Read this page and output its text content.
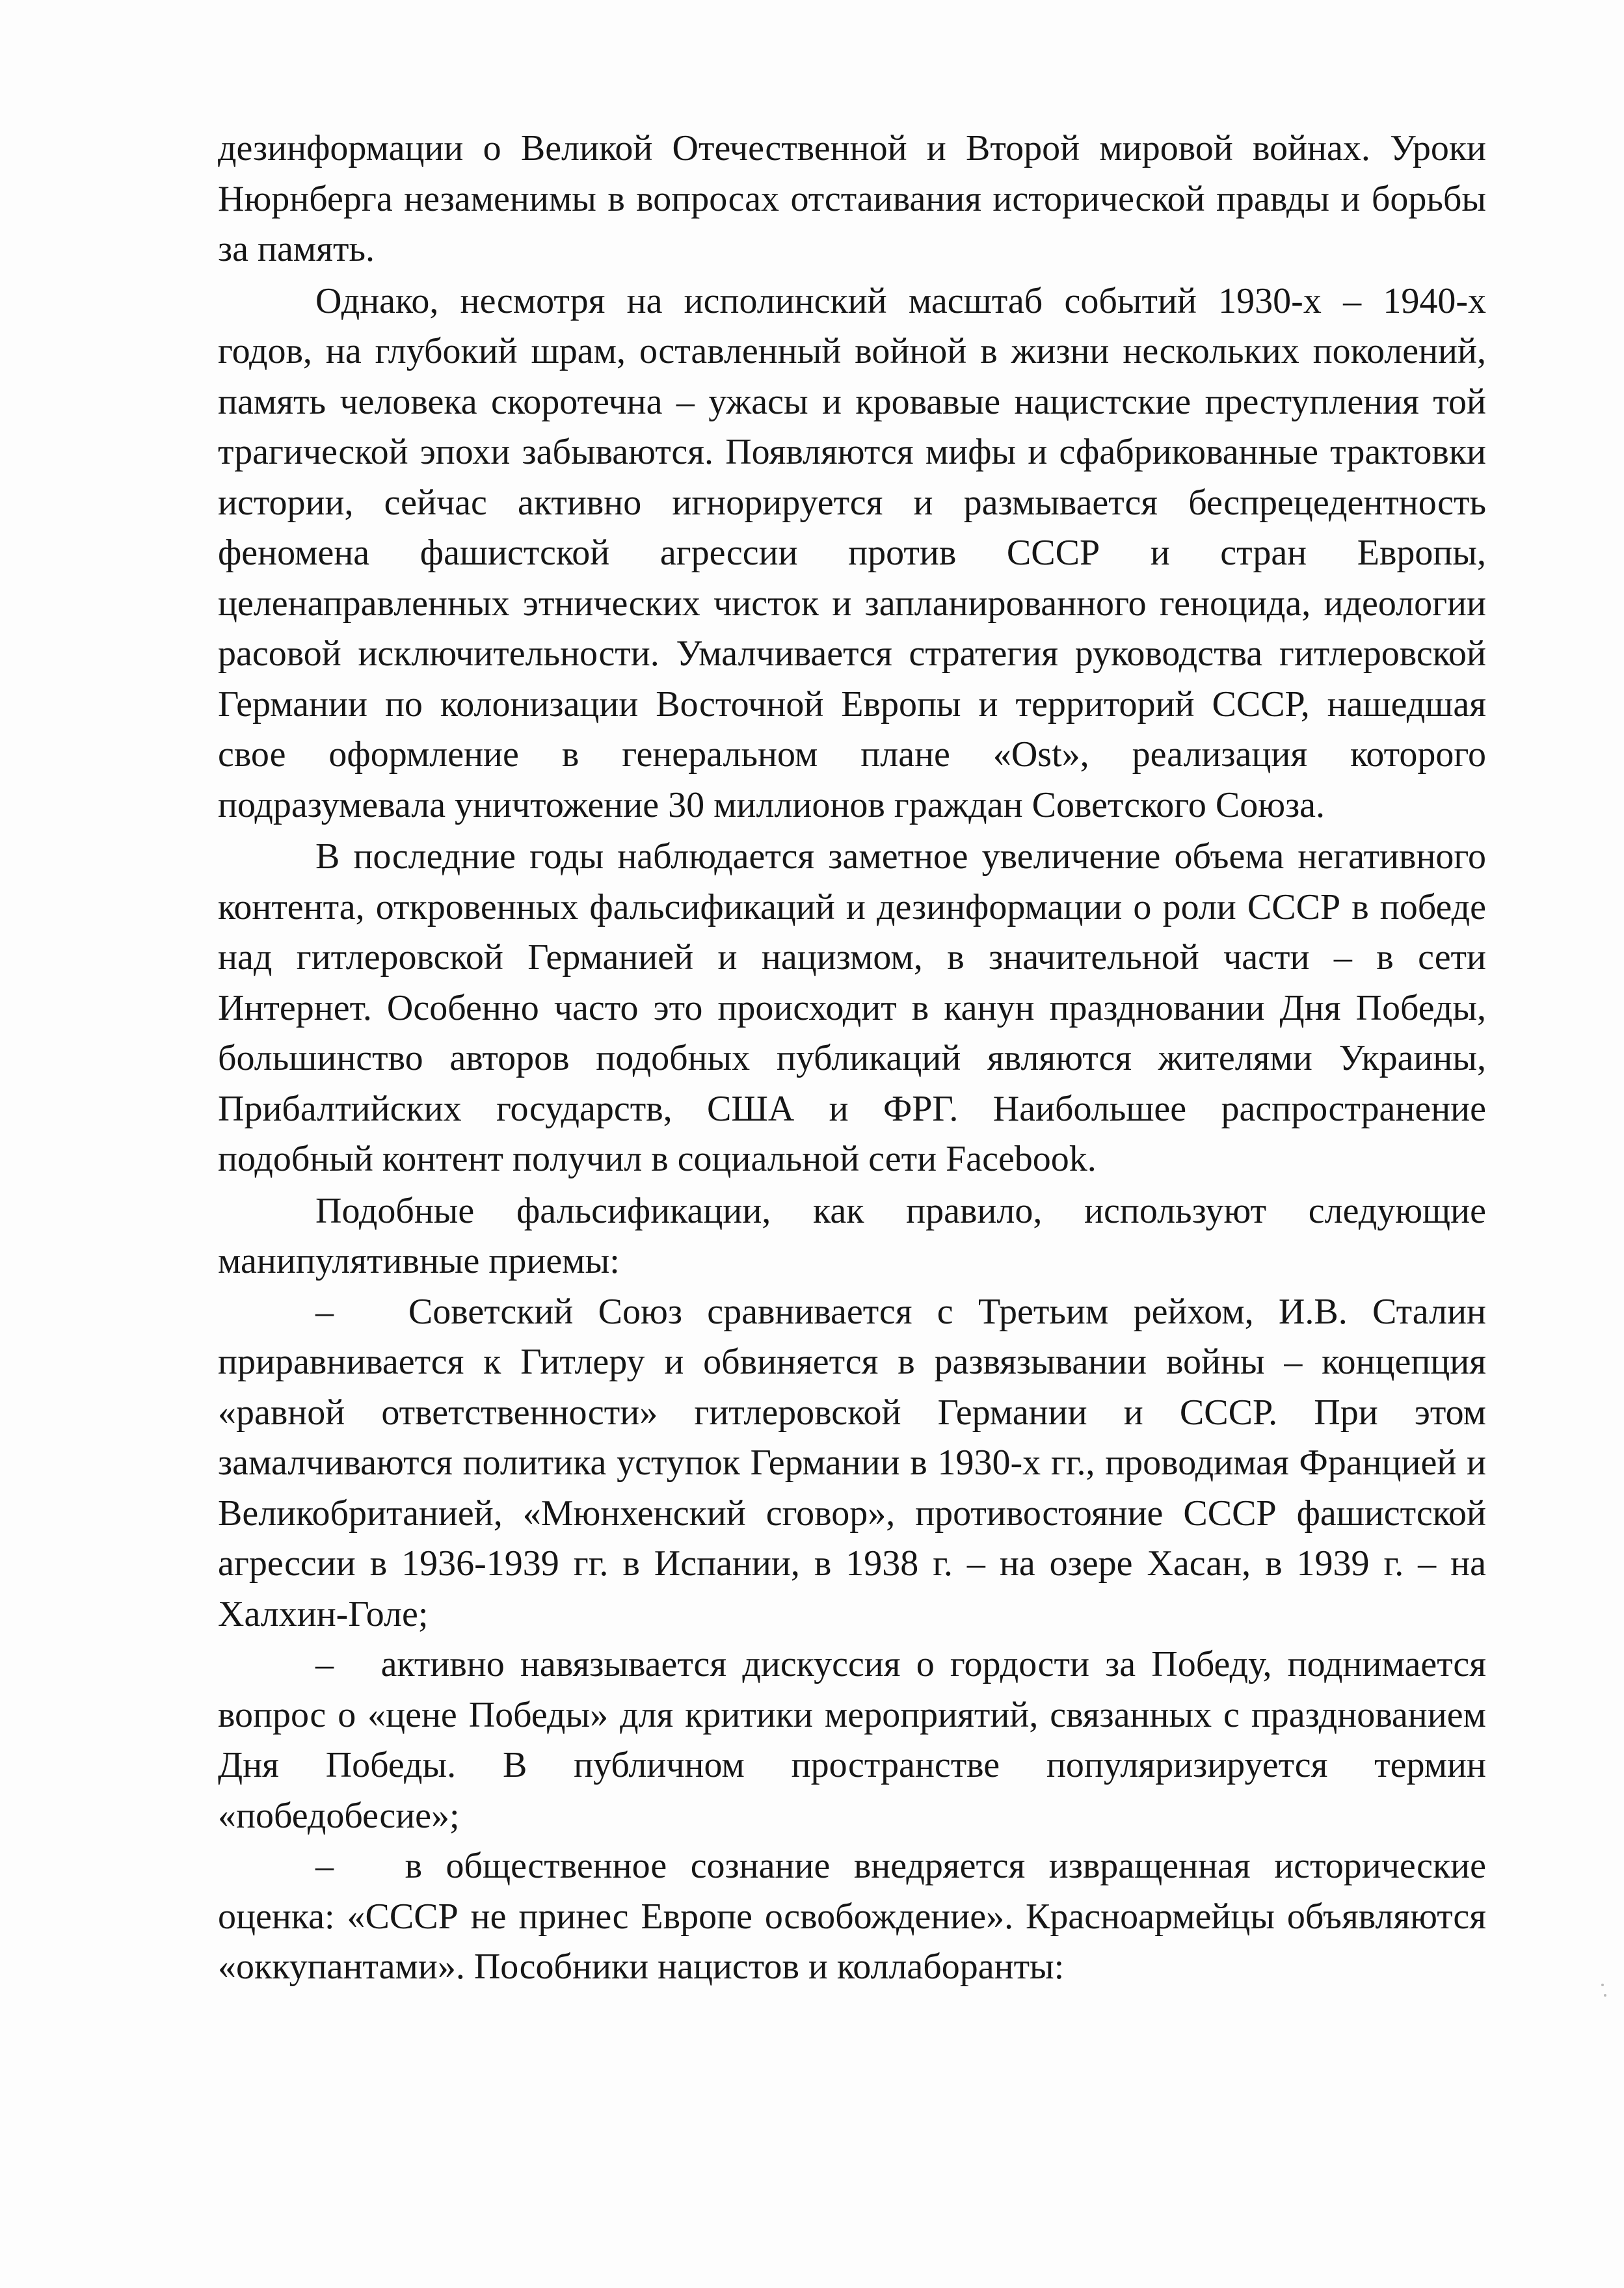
дезинформации о Великой Отечественной и Второй мировой войнах. Уроки Нюрнберга незаменимы в вопросах отстаивания исторической правды и борьбы за память.

Однако, несмотря на исполинский масштаб событий 1930-х – 1940-х годов, на глубокий шрам, оставленный войной в жизни нескольких поколений, память человека скоротечна – ужасы и кровавые нацистские преступления той трагической эпохи забываются. Появляются мифы и сфабрикованные трактовки истории, сейчас активно игнорируется и размывается беспрецедентность феномена фашистской агрессии против СССР и стран Европы, целенаправленных этнических чисток и запланированного геноцида, идеологии расовой исключительности. Умалчивается стратегия руководства гитлеровской Германии по колонизации Восточной Европы и территорий СССР, нашедшая свое оформление в генеральном плане «Ost», реализация которого подразумевала уничтожение 30 миллионов граждан Советского Союза.

В последние годы наблюдается заметное увеличение объема негативного контента, откровенных фальсификаций и дезинформации о роли СССР в победе над гитлеровской Германией и нацизмом, в значительной части – в сети Интернет. Особенно часто это происходит в канун праздновании Дня Победы, большинство авторов подобных публикаций являются жителями Украины, Прибалтийских государств, США и ФРГ. Наибольшее распространение подобный контент получил в социальной сети Facebook.

Подобные фальсификации, как правило, используют следующие манипулятивные приемы:

– Советский Союз сравнивается с Третьим рейхом, И.В. Сталин приравнивается к Гитлеру и обвиняется в развязывании войны – концепция «равной ответственности» гитлеровской Германии и СССР. При этом замалчиваются политика уступок Германии в 1930-х гг., проводимая Францией и Великобританией, «Мюнхенский сговор», противостояние СССР фашистской агрессии в 1936-1939 гг. в Испании, в 1938 г. – на озере Хасан, в 1939 г. – на Халхин-Голе;

– активно навязывается дискуссия о гордости за Победу, поднимается вопрос о «цене Победы» для критики мероприятий, связанных с празднованием Дня Победы. В публичном пространстве популяризируется термин «победобесие»;

– в общественное сознание внедряется извращенная исторические оценка: «СССР не принес Европе освобождение». Красноармейцы объявляются «оккупантами». Пособники нацистов и коллаборанты:
